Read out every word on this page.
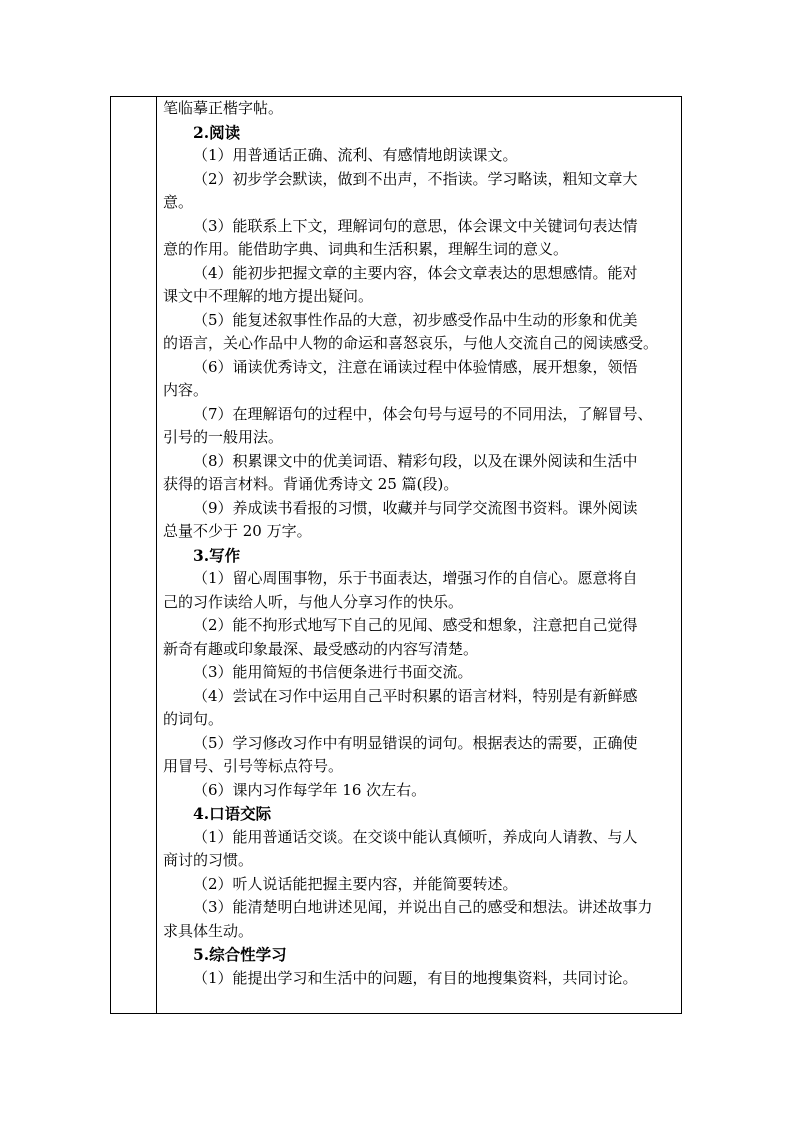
笔临摹正楷字帖。
2.阅读
（1）用普通话正确、流利、有感情地朗读课文。
（2）初步学会默读，做到不出声，不指读。学习略读，粗知文章大
意。
（3）能联系上下文，理解词句的意思，体会课文中关键词句表达情
意的作用。能借助字典、词典和生活积累，理解生词的意义。
（4）能初步把握文章的主要内容，体会文章表达的思想感情。能对
课文中不理解的地方提出疑问。
（5）能复述叙事性作品的大意，初步感受作品中生动的形象和优美
的语言，关心作品中人物的命运和喜怒哀乐，与他人交流自己的阅读感受。
（6）诵读优秀诗文，注意在诵读过程中体验情感，展开想象，领悟
内容。
（7）在理解语句的过程中，体会句号与逗号的不同用法，了解冒号、
引号的一般用法。
（8）积累课文中的优美词语、精彩句段，以及在课外阅读和生活中
获得的语言材料。背诵优秀诗文 25 篇(段)。
（9）养成读书看报的习惯，收藏并与同学交流图书资料。课外阅读
总量不少于 20 万字。
3.写作
（1）留心周围事物，乐于书面表达，增强习作的自信心。愿意将自
己的习作读给人听，与他人分享习作的快乐。
（2）能不拘形式地写下自己的见闻、感受和想象，注意把自己觉得
新奇有趣或印象最深、最受感动的内容写清楚。
（3）能用简短的书信便条进行书面交流。
（4）尝试在习作中运用自己平时积累的语言材料，特别是有新鲜感
的词句。
（5）学习修改习作中有明显错误的词句。根据表达的需要，正确使
用冒号、引号等标点符号。
（6）课内习作每学年 16 次左右。
4.口语交际
（1）能用普通话交谈。在交谈中能认真倾听，养成向人请教、与人
商讨的习惯。
（2）听人说话能把握主要内容，并能简要转述。
（3）能清楚明白地讲述见闻，并说出自己的感受和想法。讲述故事力
求具体生动。
5.综合性学习
（1）能提出学习和生活中的问题，有目的地搜集资料，共同讨论。
